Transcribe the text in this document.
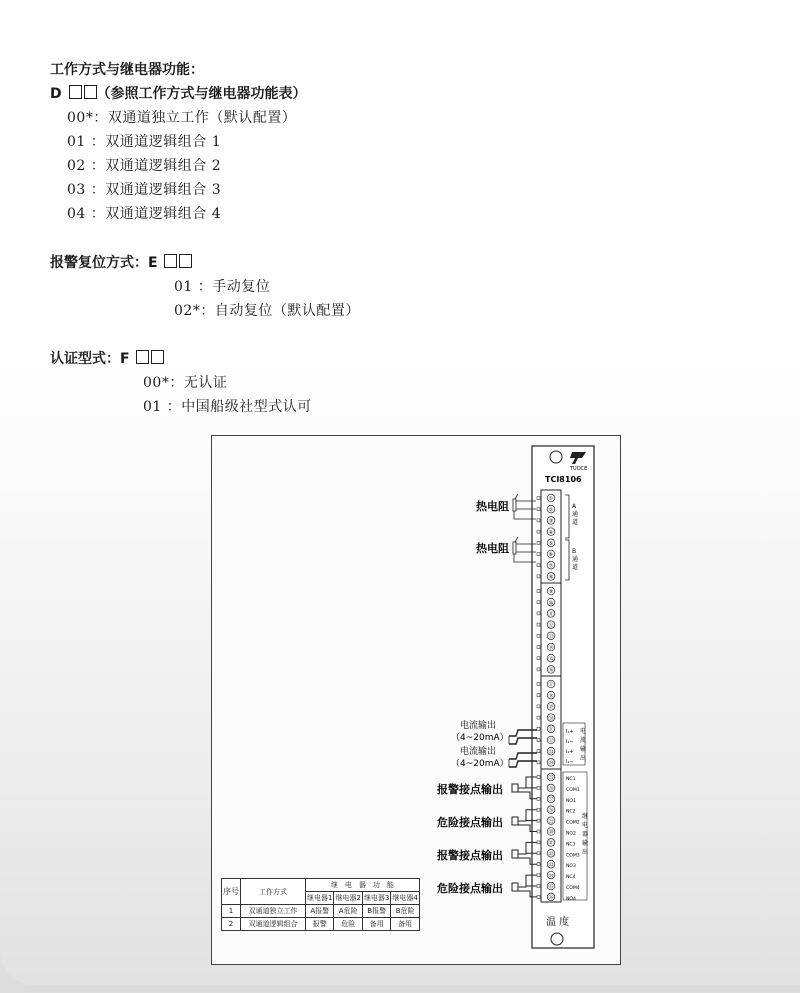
工作方式与继电器功能：
D （参照工作方式与继电器功能表）
00*：双通道独立工作（默认配置）
01 ：双通道逻辑组合 1
02 ：双通道逻辑组合 2
03 ：双通道逻辑组合 3
04 ：双通道逻辑组合 4
报警复位方式：E
01 ：手动复位
02*：自动复位（默认配置）
认证型式：F
00*：无认证
01 ：中国船级社型式认可
TUOCE
TCI8106
①
②
③
④
⑤
⑥
⑦
⑧
⑨
⑩
⑪
⑫
⑬
⑭
⑮
⑯
⑰
⑱
⑲
⑳
㉑
㉒
㉓
㉔
㉕
㉖
㉗
㉘
㉙
㉚
㉛
㉜
㉝
㉞
㉟
㊱
A
通
道
B
通
道
I₁+
I₁−
I₂+
I₂−
电
流
输
出
NC1
COM1
NO1
NC2
COM2
NO2
NC3
COM3
NO3
NC4
COM4
NO4
继
电
器
输
出
温 度
热电阻
热电阻
电流输出
（4~20mA）
电流输出
（4~20mA）
报警接点输出
危险接点输出
报警接点输出
危险接点输出
序号	工作方式	继　电　器　功　能			
		继电器1	继电器2	继电器3	继电器4
1	双通道独立工作	A报警	A危险	B报警	B危险
2	双通道逻辑组合	报警	危险	备用	备用
